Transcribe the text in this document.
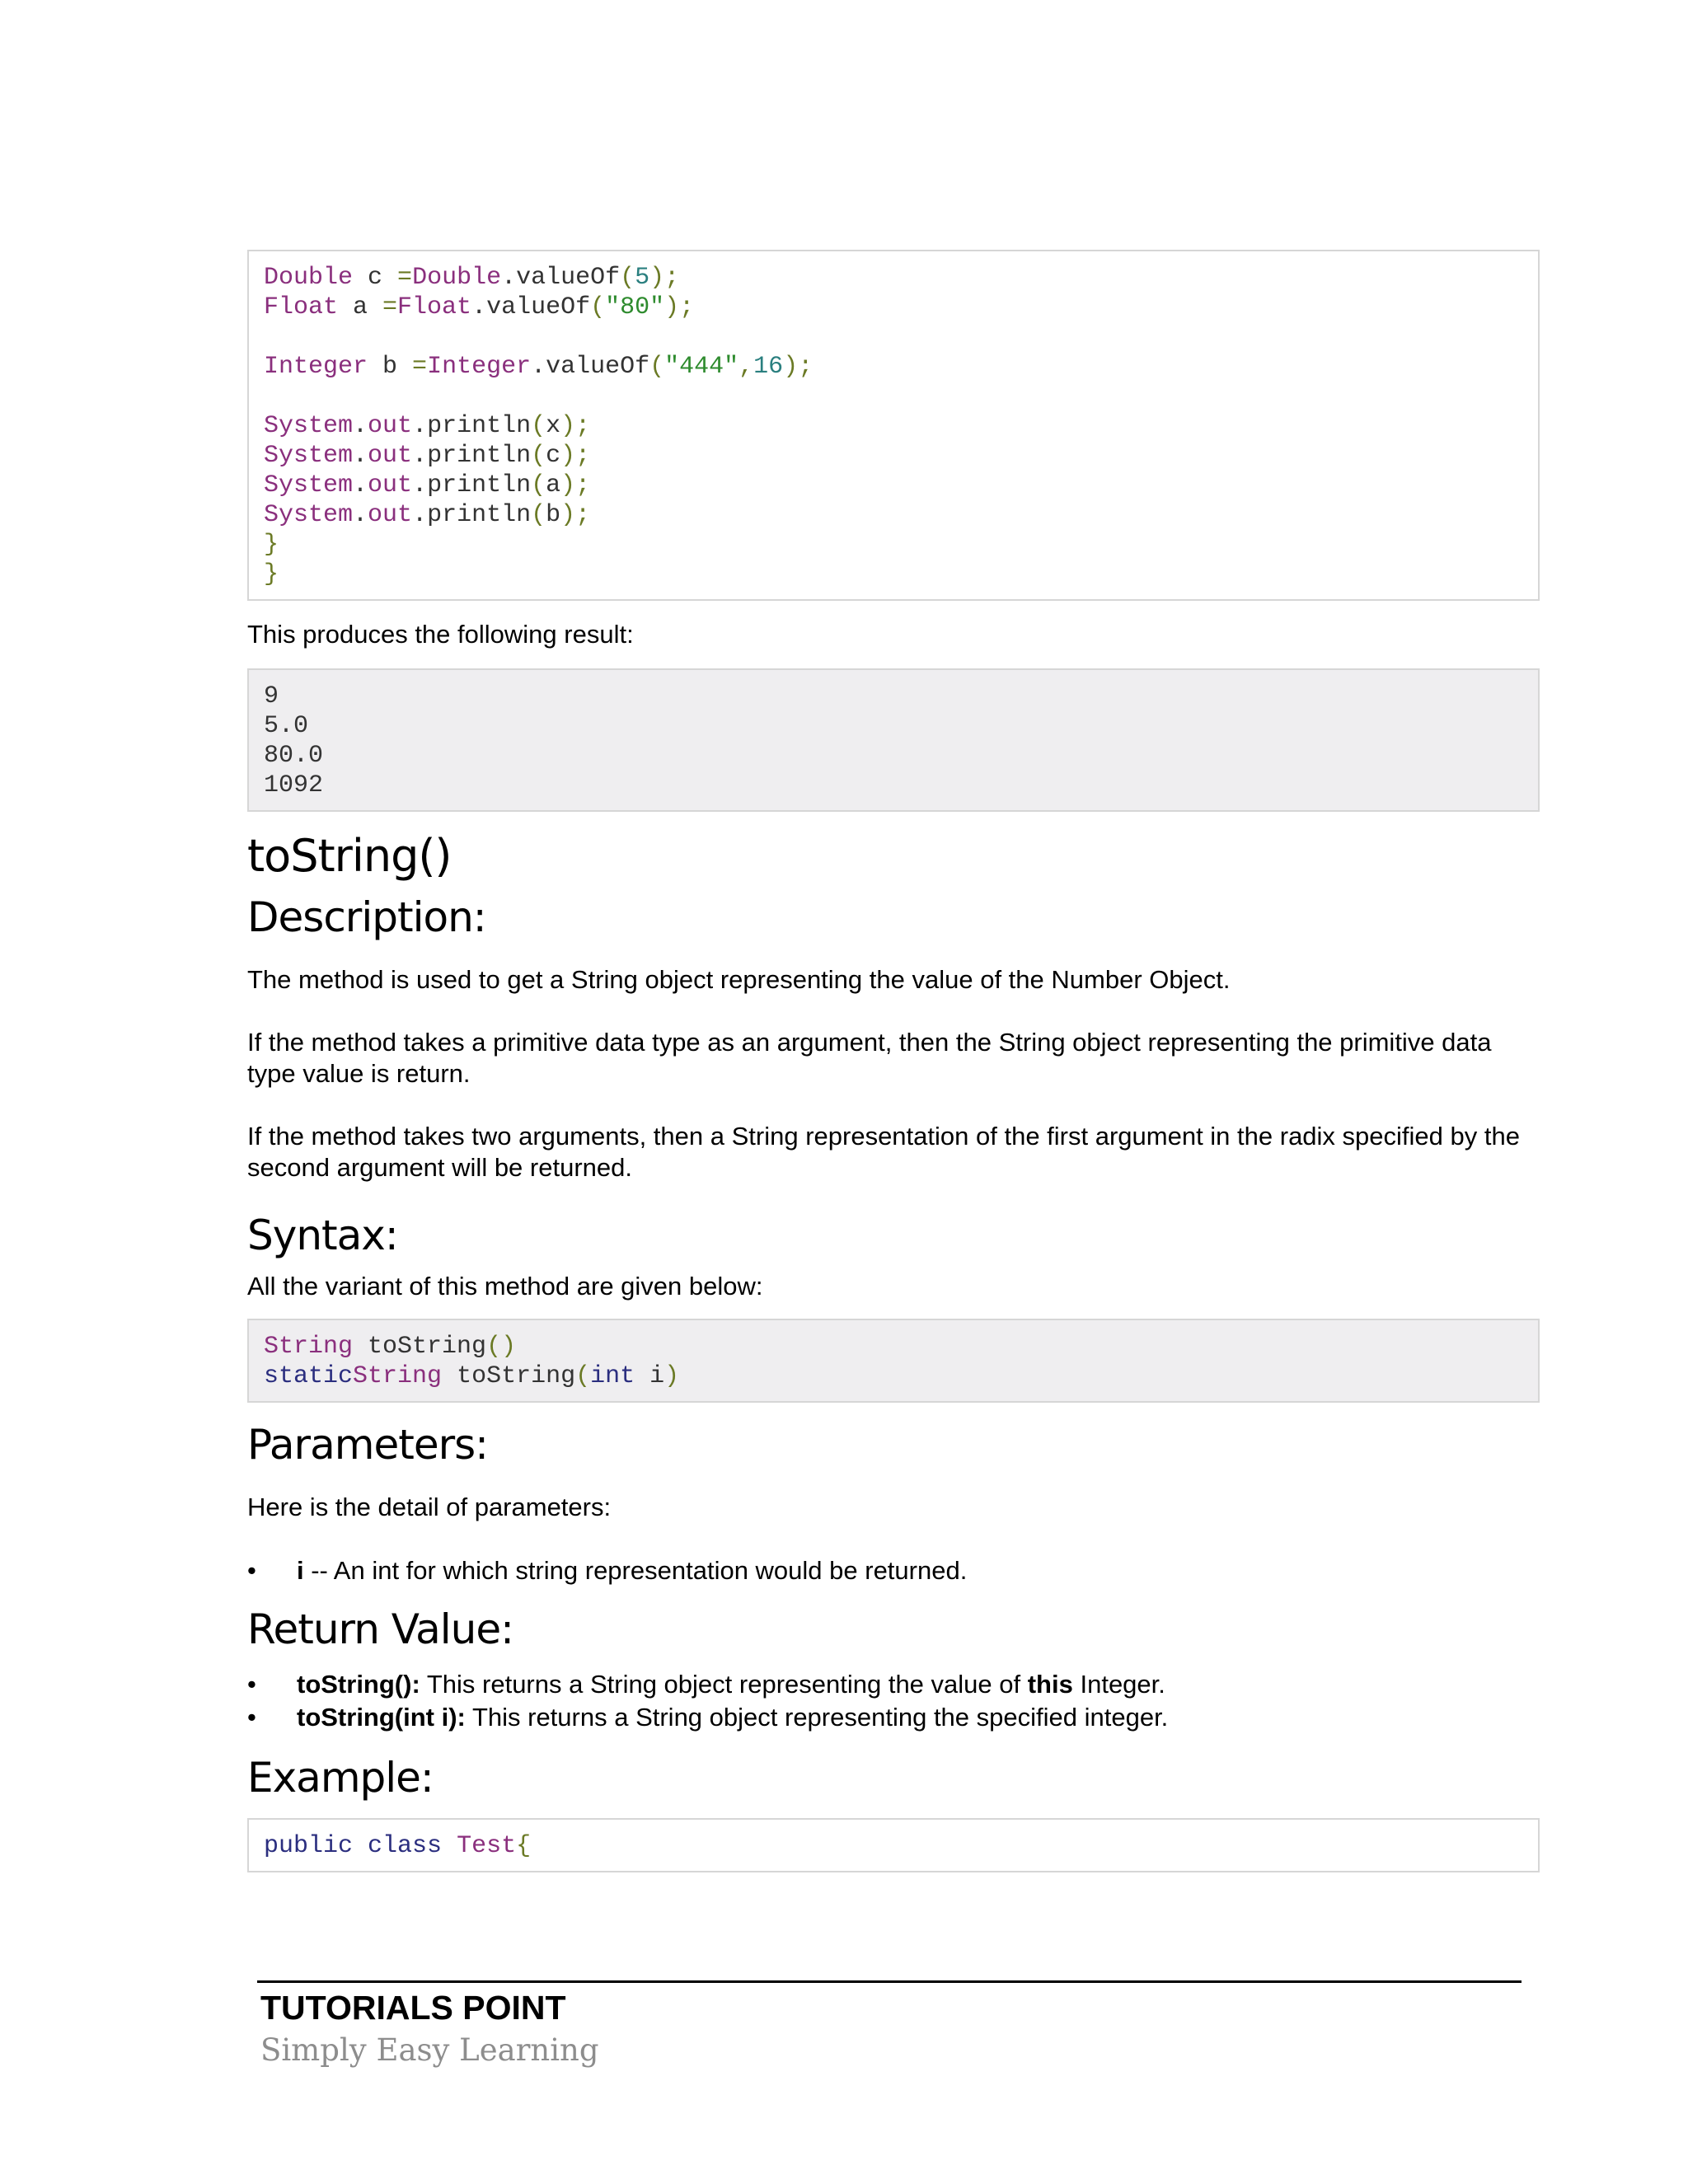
Double c =Double.valueOf(5);
Float a =Float.valueOf("80");
Integer b =Integer.valueOf("444",16);
System.out.println(x);
System.out.println(c);
System.out.println(a);
System.out.println(b);
}
}

This produces the following result:

9
5.0
80.0
1092
toString()
Description:

The method is used to get a String object representing the value of the Number Object.

If the method takes a primitive data type as an argument, then the String object representing the primitive data type value is return.

If the method takes two arguments, then a String representation of the first argument in the radix specified by the second argument will be returned.

Syntax:

All the variant of this method are given below:

String toString()
staticString toString(int i)
Parameters:

Here is the detail of parameters:

• i -- An int for which string representation would be returned.
Return Value:
• toString(): This returns a String object representing the value of this Integer.
• toString(int i): This returns a String object representing the specified integer.
Example:
public class Test{
TUTORIALS POINT
Simply Easy Learning
